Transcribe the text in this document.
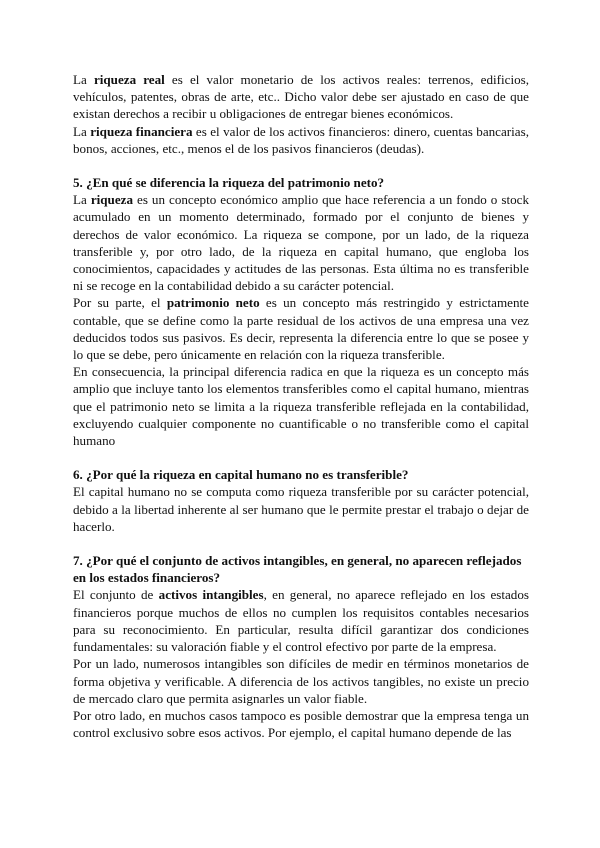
La riqueza real es el valor monetario de los activos reales: terrenos, edificios, vehículos, patentes, obras de arte, etc.. Dicho valor debe ser ajustado en caso de que existan derechos a recibir u obligaciones de entregar bienes económicos.

La riqueza financiera es el valor de los activos financieros: dinero, cuentas bancarias, bonos, acciones, etc., menos el de los pasivos financieros (deudas).

5. ¿En qué se diferencia la riqueza del patrimonio neto?

La riqueza es un concepto económico amplio que hace referencia a un fondo o stock acumulado en un momento determinado, formado por el conjunto de bienes y derechos de valor económico. La riqueza se compone, por un lado, de la riqueza transferible y, por otro lado, de la riqueza en capital humano, que engloba los conocimientos, capacidades y actitudes de las personas. Esta última no es transferible ni se recoge en la contabilidad debido a su carácter potencial.

Por su parte, el patrimonio neto es un concepto más restringido y estrictamente contable, que se define como la parte residual de los activos de una empresa una vez deducidos todos sus pasivos. Es decir, representa la diferencia entre lo que se posee y lo que se debe, pero únicamente en relación con la riqueza transferible.

En consecuencia, la principal diferencia radica en que la riqueza es un concepto más amplio que incluye tanto los elementos transferibles como el capital humano, mientras que el patrimonio neto se limita a la riqueza transferible reflejada en la contabilidad, excluyendo cualquier componente no cuantificable o no transferible como el capital humano

6. ¿Por qué la riqueza en capital humano no es transferible?

El capital humano no se computa como riqueza transferible por su carácter potencial, debido a la libertad inherente al ser humano que le permite prestar el trabajo o dejar de hacerlo.

7. ¿Por qué el conjunto de activos intangibles, en general, no aparecen reflejados en los estados financieros?

El conjunto de activos intangibles, en general, no aparece reflejado en los estados financieros porque muchos de ellos no cumplen los requisitos contables necesarios para su reconocimiento. En particular, resulta difícil garantizar dos condiciones fundamentales: su valoración fiable y el control efectivo por parte de la empresa.

Por un lado, numerosos intangibles son difíciles de medir en términos monetarios de forma objetiva y verificable. A diferencia de los activos tangibles, no existe un precio de mercado claro que permita asignarles un valor fiable.

Por otro lado, en muchos casos tampoco es posible demostrar que la empresa tenga un control exclusivo sobre esos activos. Por ejemplo, el capital humano depende de las
